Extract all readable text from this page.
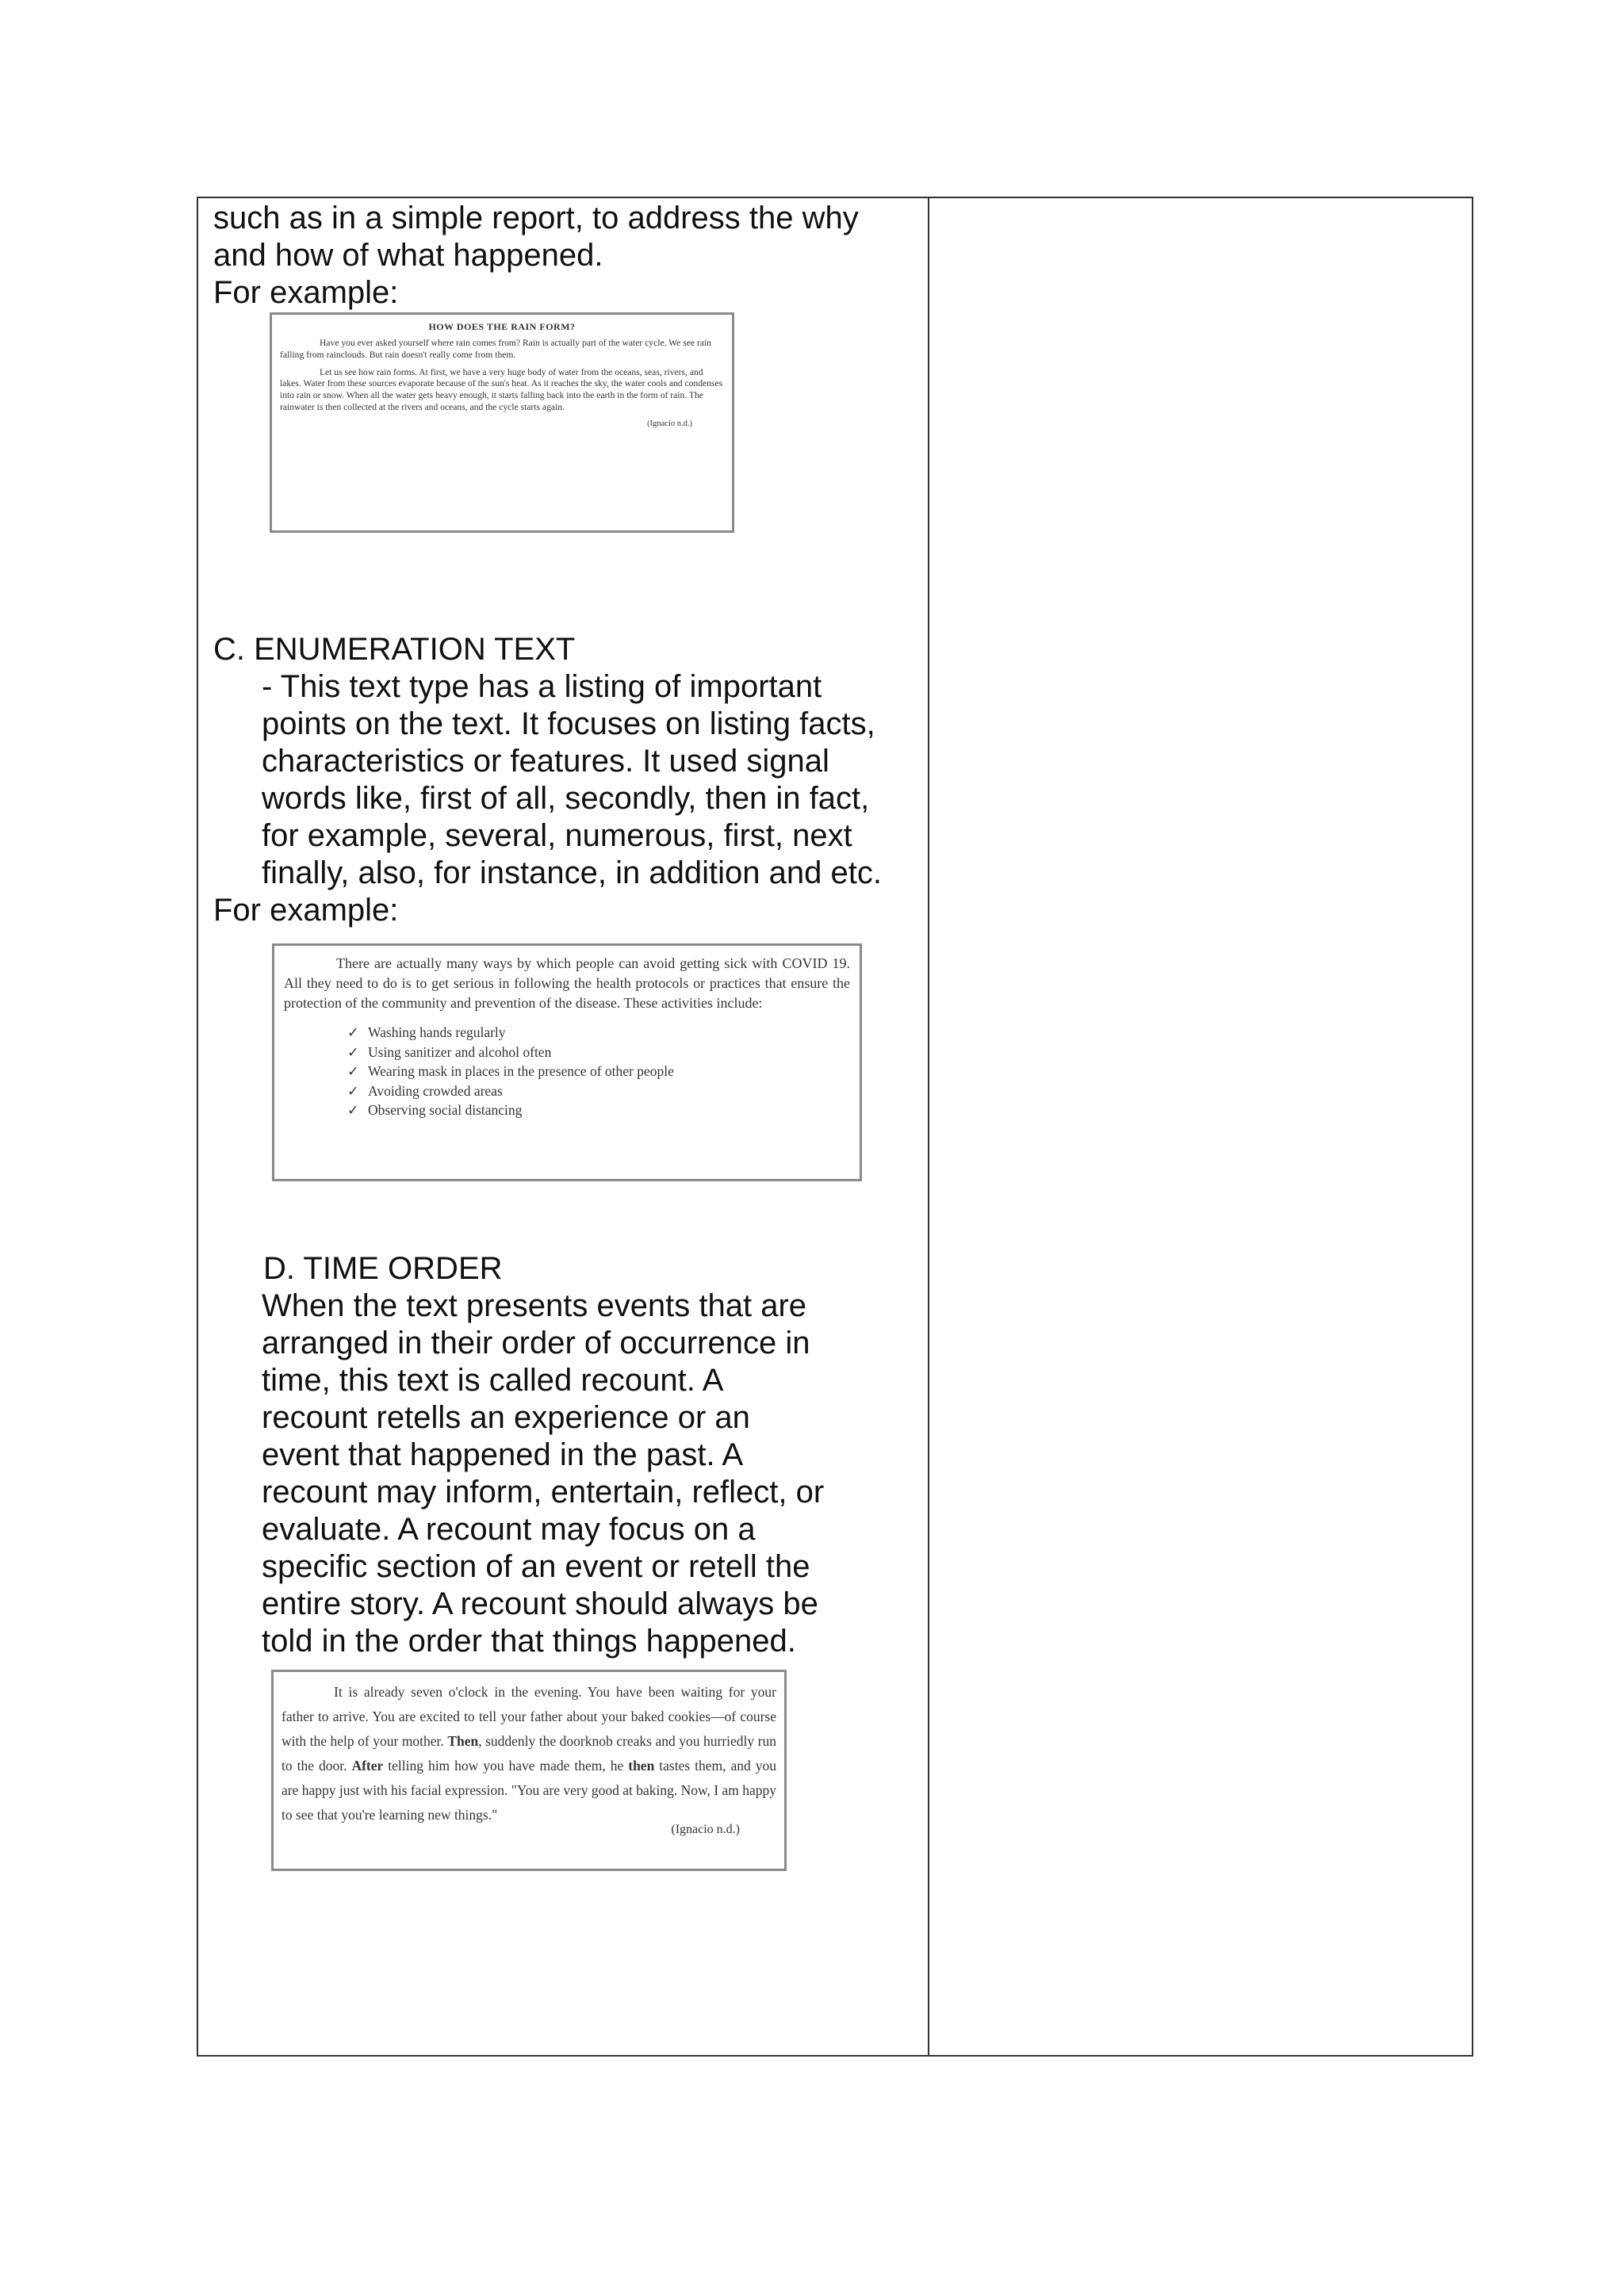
such as in a simple report, to address the why
and how of what happened.
For example:
HOW DOES THE RAIN FORM?

Have you ever asked yourself where rain comes from? Rain is actually part of the water cycle. We see rain falling from rainclouds. But rain doesn't really come from them.

Let us see how rain forms. At first, we have a very huge body of water from the oceans, seas, rivers, and lakes. Water from these sources evaporate because of the sun's heat. As it reaches the sky, the water cools and condenses into rain or snow. When all the water gets heavy enough, it starts falling back into the earth in the form of rain. The rainwater is then collected at the rivers and oceans, and the cycle starts again.

(Ignacio n.d.)
C. ENUMERATION TEXT
- This text type has a listing of important
points on the text. It focuses on listing facts,
characteristics or features. It used signal
words like, first of all, secondly, then in fact,
for example, several, numerous, first, next
finally, also, for instance, in addition and etc.
For example:

There are actually many ways by which people can avoid getting sick with COVID 19. All they need to do is to get serious in following the health protocols or practices that ensure the protection of the community and prevention of the disease. These activities include:

✓ Washing hands regularly
✓ Using sanitizer and alcohol often
✓ Wearing mask in places in the presence of other people
✓ Avoiding crowded areas
✓ Observing social distancing
D. TIME ORDER
When the text presents events that are
arranged in their order of occurrence in
time, this text is called recount. A
recount retells an experience or an
event that happened in the past. A
recount may inform, entertain, reflect, or
evaluate. A recount may focus on a
specific section of an event or retell the
entire story. A recount should always be
told in the order that things happened.

It is already seven o'clock in the evening. You have been waiting for your father to arrive. You are excited to tell your father about your baked cookies—of course with the help of your mother. Then, suddenly the doorknob creaks and you hurriedly run to the door. After telling him how you have made them, he then tastes them, and you are happy just with his facial expression. "You are very good at baking. Now, I am happy to see that you're learning new things."

(Ignacio n.d.)
